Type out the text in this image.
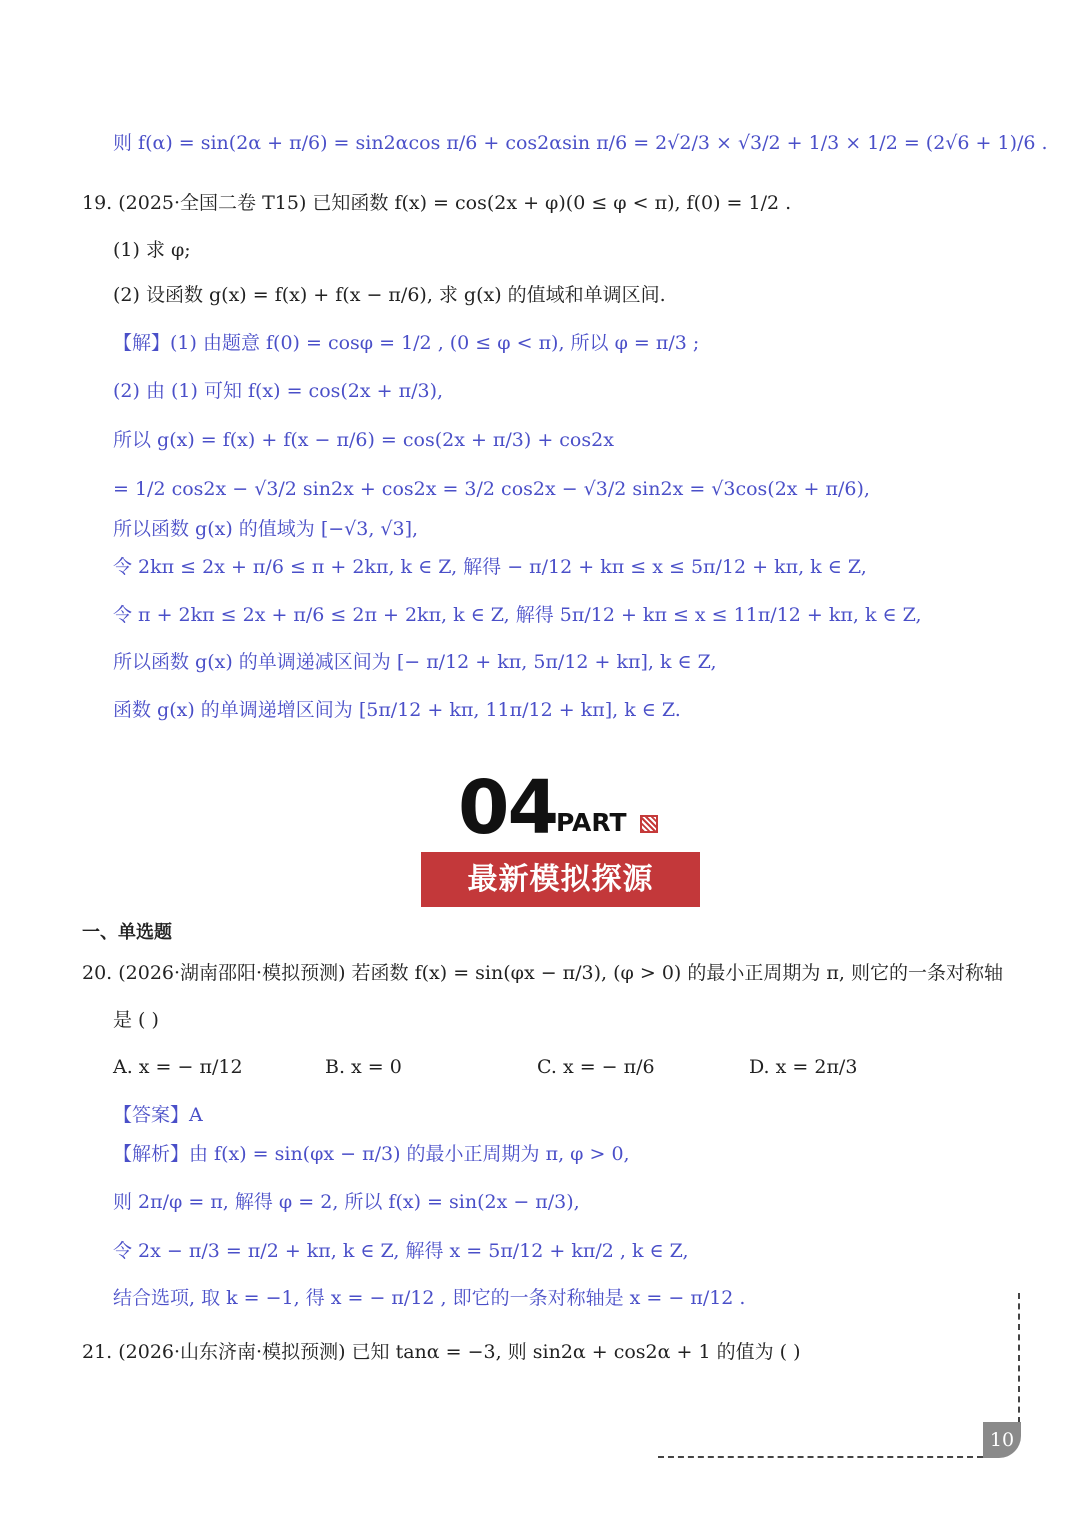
则 f(α) = sin(2α + π/6) = sin2αcos π/6 + cos2αsin π/6 = 2√2/3 × √3/2 + 1/3 × 1/2 = (2√6 + 1)/6 .
19. (2025·全国二卷 T15) 已知函数 f(x) = cos(2x + φ)(0 ≤ φ < π), f(0) = 1/2 .
(1) 求 φ;
(2) 设函数 g(x) = f(x) + f(x − π/6), 求 g(x) 的值域和单调区间.
【解】(1) 由题意 f(0) = cosφ = 1/2 , (0 ≤ φ < π), 所以 φ = π/3 ;
(2) 由 (1) 可知 f(x) = cos(2x + π/3),
所以 g(x) = f(x) + f(x − π/6) = cos(2x + π/3) + cos2x
= 1/2 cos2x − √3/2 sin2x + cos2x = 3/2 cos2x − √3/2 sin2x = √3cos(2x + π/6),
所以函数 g(x) 的值域为 [−√3, √3],
令 2kπ ≤ 2x + π/6 ≤ π + 2kπ, k ∈ Z, 解得 − π/12 + kπ ≤ x ≤ 5π/12 + kπ, k ∈ Z,
令 π + 2kπ ≤ 2x + π/6 ≤ 2π + 2kπ, k ∈ Z, 解得 5π/12 + kπ ≤ x ≤ 11π/12 + kπ, k ∈ Z,
所以函数 g(x) 的单调递减区间为 [− π/12 + kπ, 5π/12 + kπ], k ∈ Z,
函数 g(x) 的单调递增区间为 [5π/12 + kπ, 11π/12 + kπ], k ∈ Z.
20. (2026·湖南邵阳·模拟预测) 若函数 f(x) = sin(φx − π/3), (φ > 0) 的最小正周期为 π, 则它的一条对称轴
是 ( )
【答案】A
【解析】由 f(x) = sin(φx − π/3) 的最小正周期为 π, φ > 0,
则 2π/φ = π, 解得 φ = 2, 所以 f(x) = sin(2x − π/3),
令 2x − π/3 = π/2 + kπ, k ∈ Z, 解得 x = 5π/12 + kπ/2 , k ∈ Z,
结合选项, 取 k = −1, 得 x = − π/12 , 即它的一条对称轴是 x = − π/12 .
21. (2026·山东济南·模拟预测) 已知 tanα = −3, 则 sin2α + cos2α + 1 的值为 ( )
A. x = − π/12	B. x = 0	C. x = − π/6	D. x = 2π/3
04 PART
最新模拟探源
一、单选题
10
